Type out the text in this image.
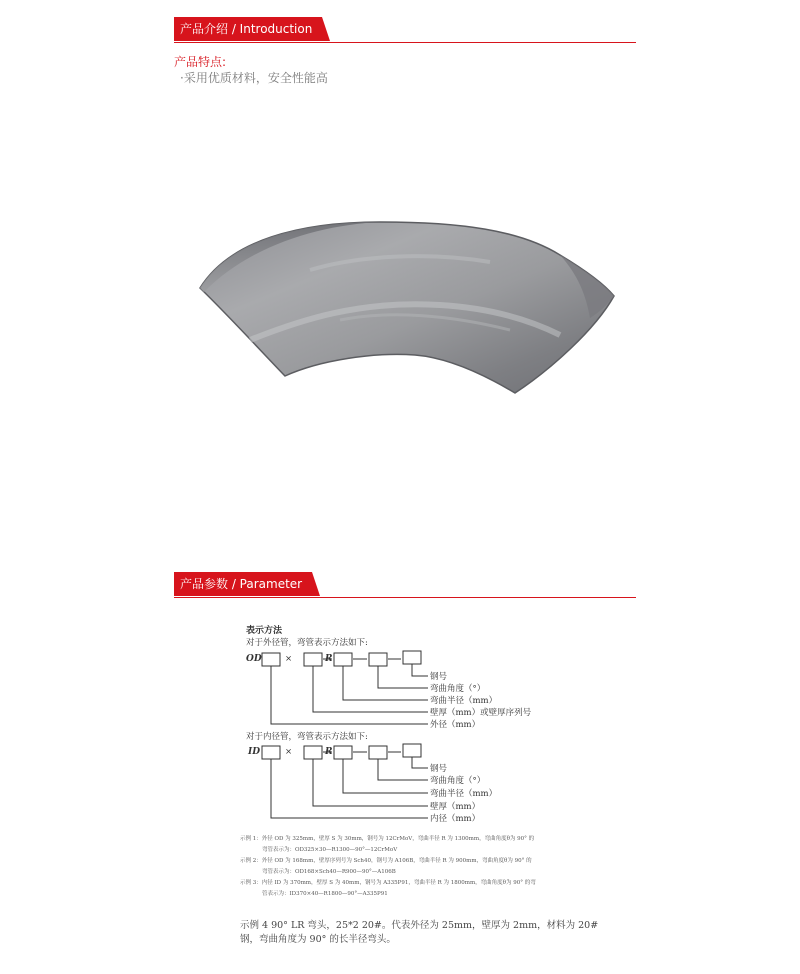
产品介绍 / Introduction
产品特点:
·采用优质材料，安全性能高
产品参数 / Parameter
表示方法
对于外径管，弯管表示方法如下:
OD	×	R
钢号
弯曲角度（°）
弯曲半径（mm）
壁厚（mm）或壁厚序列号
外径（mm）
对于内径管，弯管表示方法如下:
ID	×	R
钢号
弯曲角度（°）
弯曲半径（mm）
壁厚（mm）
内径（mm）
示例 1：外径 OD 为 325mm，壁厚 S 为 30mm，钢号为 12CrMoV，弯曲半径 R 为 1300mm，弯曲角度θ为 90° 的
弯管表示为：OD325×30—R1300—90°—12CrMoV
示例 2：外径 OD 为 168mm，壁厚序列号为 Sch40，钢号为 A106B，弯曲半径 R 为 900mm，弯曲角度θ为 90° 的
弯管表示为：OD168×Sch40—R900—90°—A106B
示例 3：内径 ID 为 370mm，壁厚 S 为 40mm，钢号为 A335P91，弯曲半径 R 为 1800mm，弯曲角度θ为 90° 的弯
管表示为：ID370×40—R1800—90°—A335P91
示例 4 90° LR 弯头，25*2 20#。代表外径为 25mm，壁厚为 2mm，材料为 20#
钢，弯曲角度为 90° 的长半径弯头。
